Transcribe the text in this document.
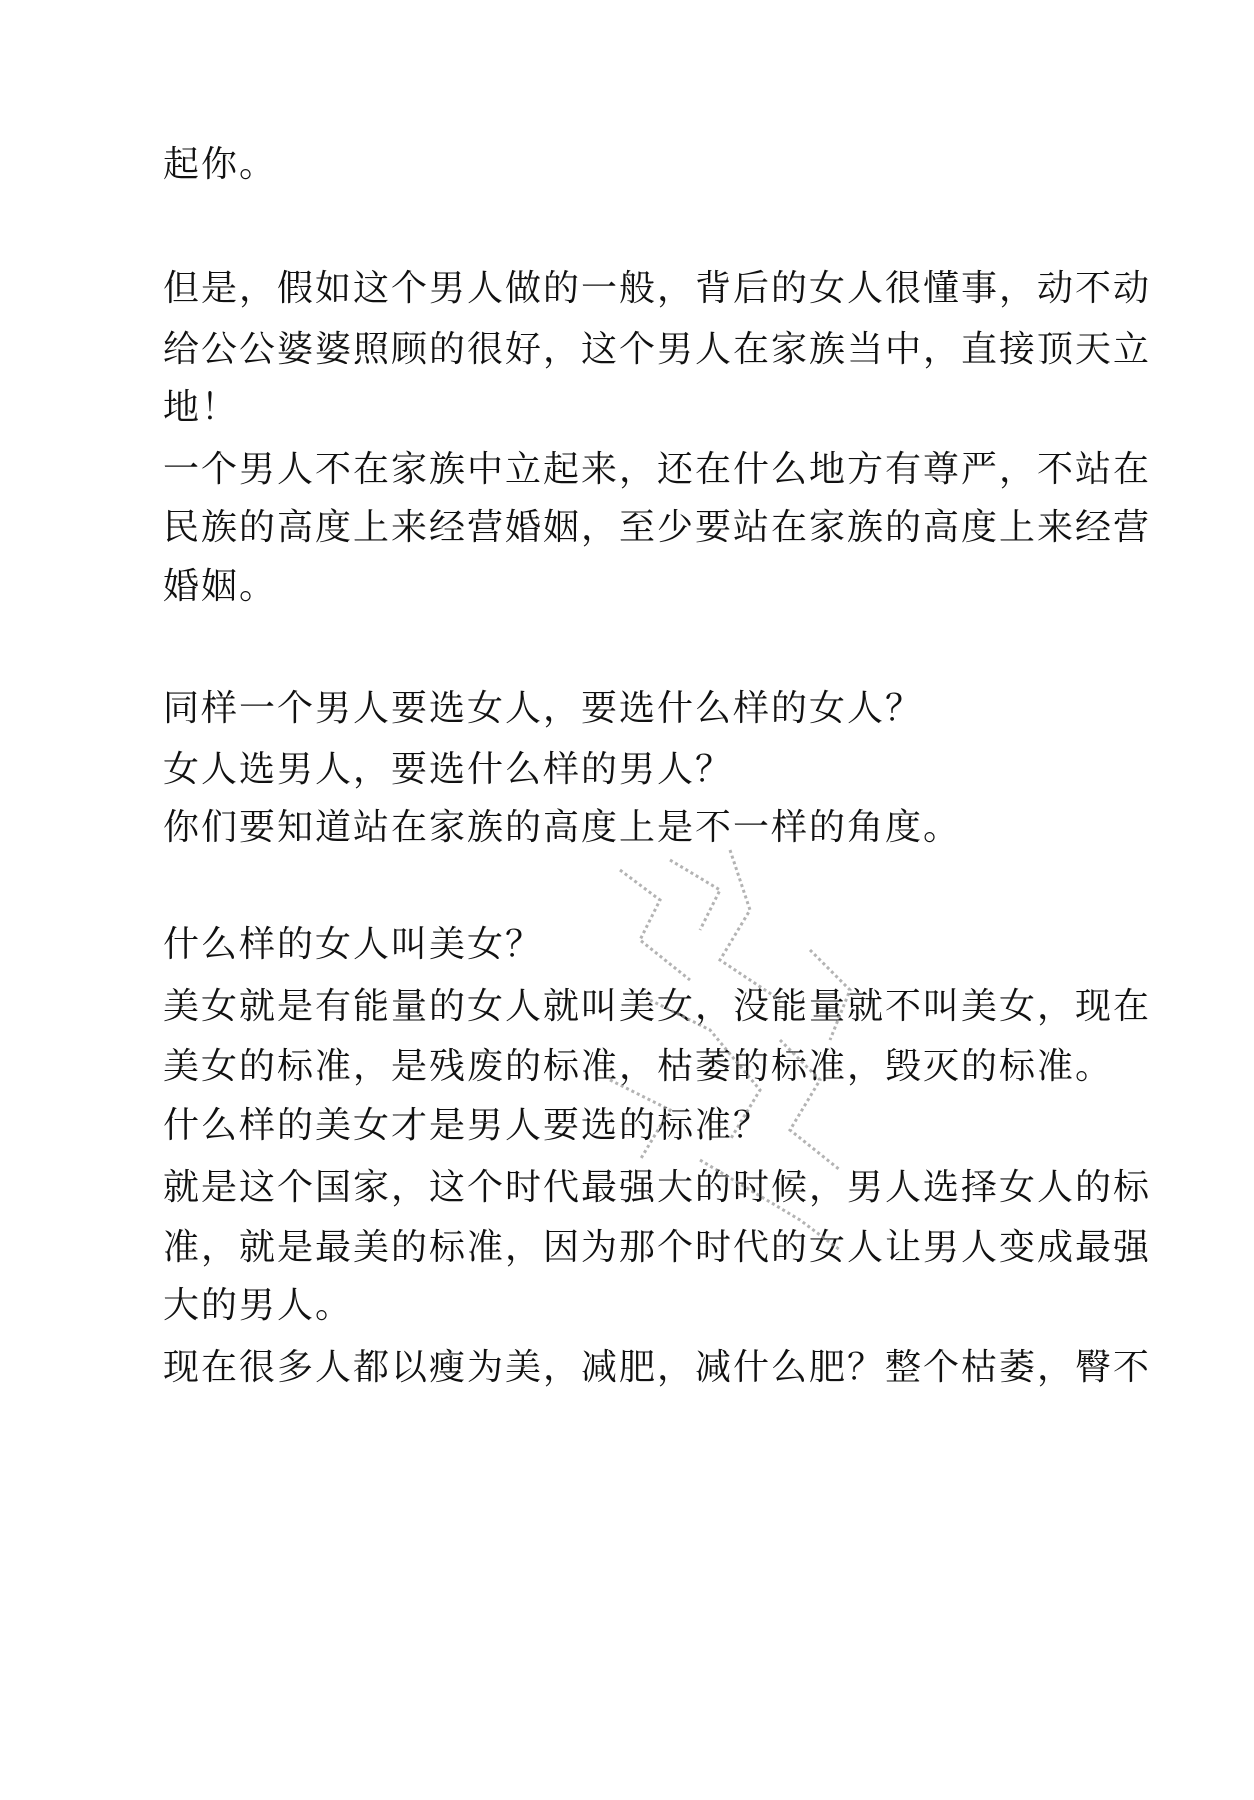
起你。

但是，假如这个男人做的一般，背后的女人很懂事，动不动

给公公婆婆照顾的很好，这个男人在家族当中，直接顶天立

地！

一个男人不在家族中立起来，还在什么地方有尊严，不站在

民族的高度上来经营婚姻，至少要站在家族的高度上来经营

婚姻。

同样一个男人要选女人，要选什么样的女人？

女人选男人，要选什么样的男人？

你们要知道站在家族的高度上是不一样的角度。

什么样的女人叫美女？

美女就是有能量的女人就叫美女，没能量就不叫美女，现在

美女的标准，是残废的标准，枯萎的标准，毁灭的标准。

什么样的美女才是男人要选的标准？

就是这个国家，这个时代最强大的时候，男人选择女人的标

准，就是最美的标准，因为那个时代的女人让男人变成最强

大的男人。

现在很多人都以瘦为美，减肥，减什么肥？整个枯萎，臀不
